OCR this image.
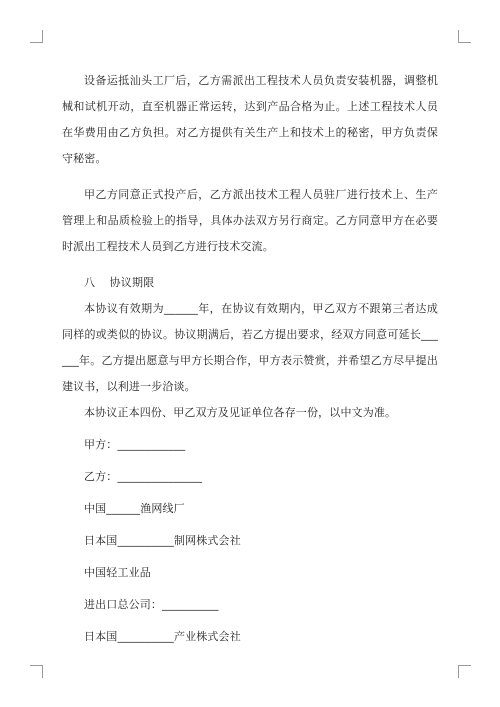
设备运抵汕头工厂后，乙方需派出工程技术人员负责安装机器，调整机械和试机开动，直至机器正常运转，达到产品合格为止。上述工程技术人员在华费用由乙方负担。对乙方提供有关生产上和技术上的秘密，甲方负责保守秘密。

甲乙方同意正式投产后，乙方派出技术工程人员驻厂进行技术上、生产管理上和品质检验上的指导，具体办法双方另行商定。乙方同意甲方在必要时派出工程技术人员到乙方进行技术交流。

八 协议期限

本协议有效期为______年，在协议有效期内，甲乙双方不跟第三者达成同样的或类似的协议。协议期满后，若乙方提出要求，经双方同意可延长______年。乙方提出愿意与甲方长期合作，甲方表示赞赏，并希望乙方尽早提出建议书，以利进一步洽谈。

本协议正本四份、甲乙双方及见证单位各存一份，以中文为准。

甲方：____________

乙方：_______________

中国______渔网线厂

日本国__________制网株式会社

中国轻工业品

进出口总公司：__________

日本国__________产业株式会社
